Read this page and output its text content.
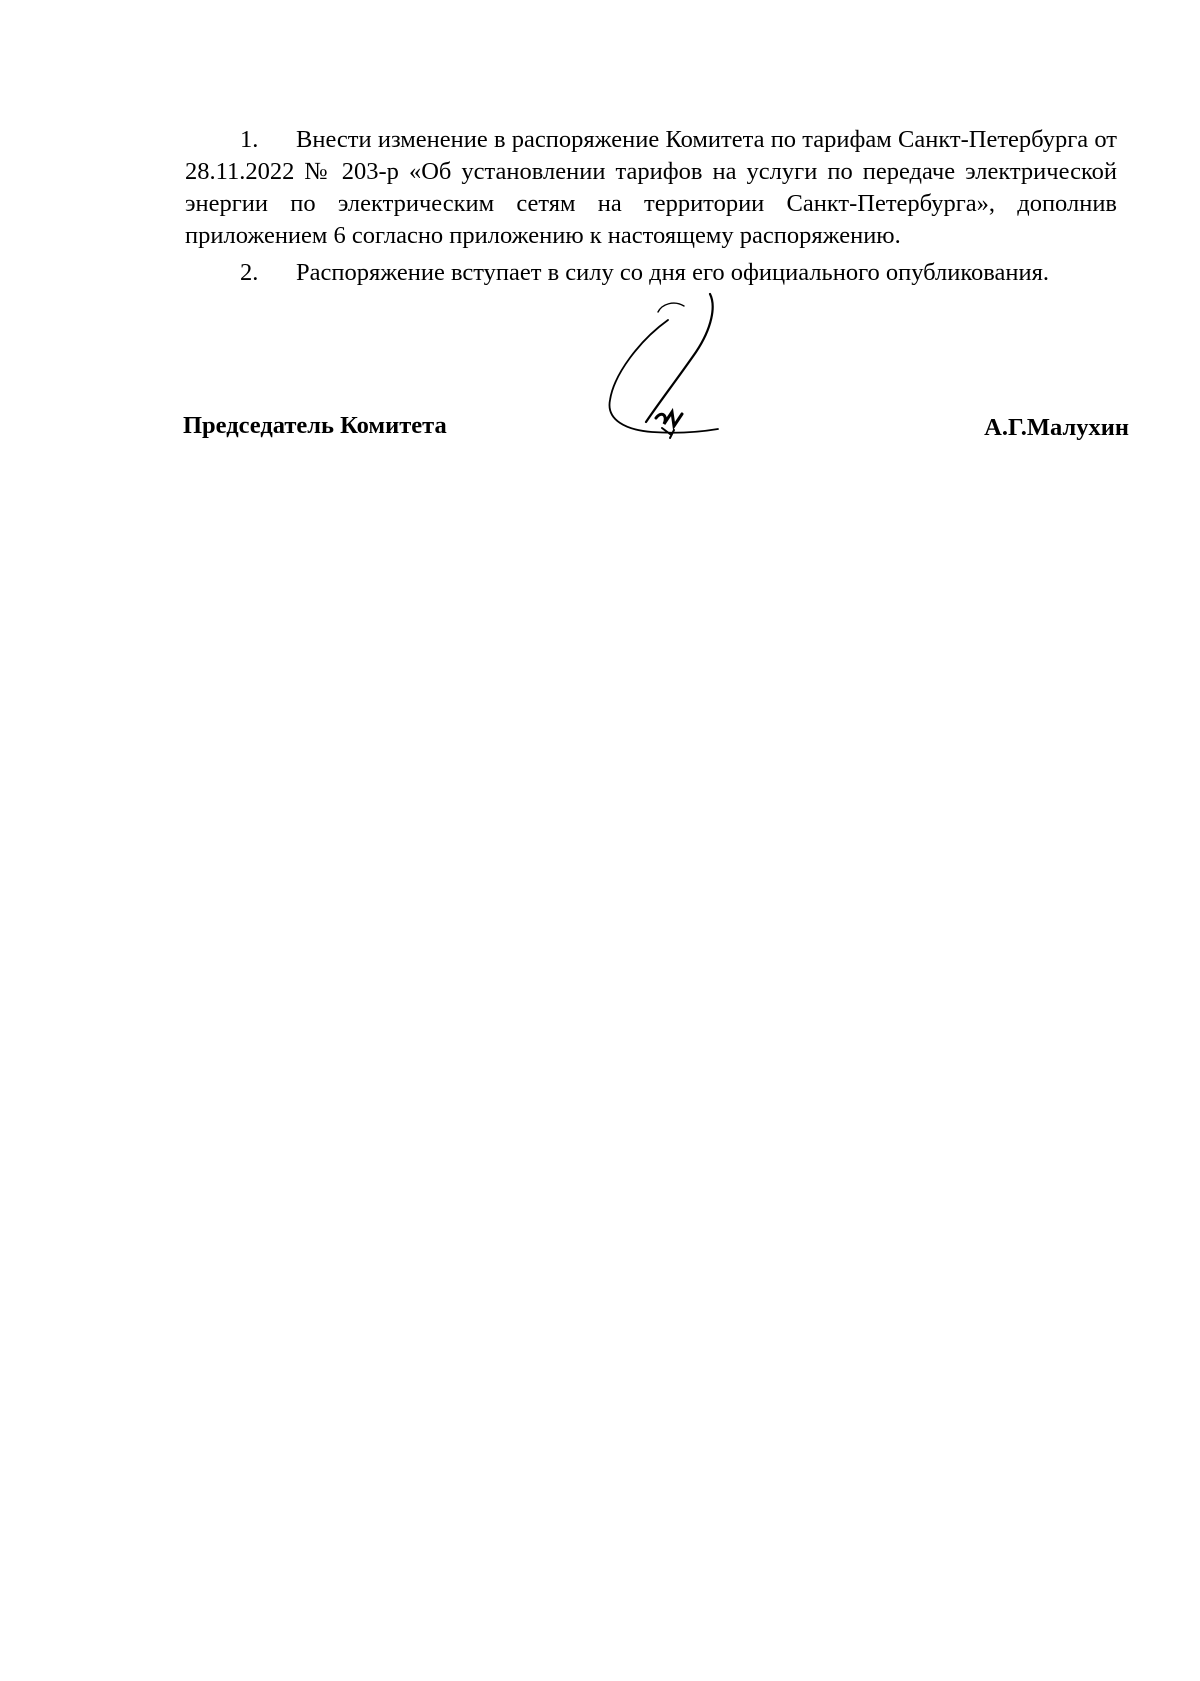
1. Внести изменение в распоряжение Комитета по тарифам Санкт-Петербурга от 28.11.2022 № 203-р «Об установлении тарифов на услуги по передаче электрической энергии по электрическим сетям на территории Санкт-Петербурга», дополнив приложением 6 согласно приложению к настоящему распоряжению.

2. Распоряжение вступает в силу со дня его официального опубликования.

Председатель Комитета	А.Г.Малухин
